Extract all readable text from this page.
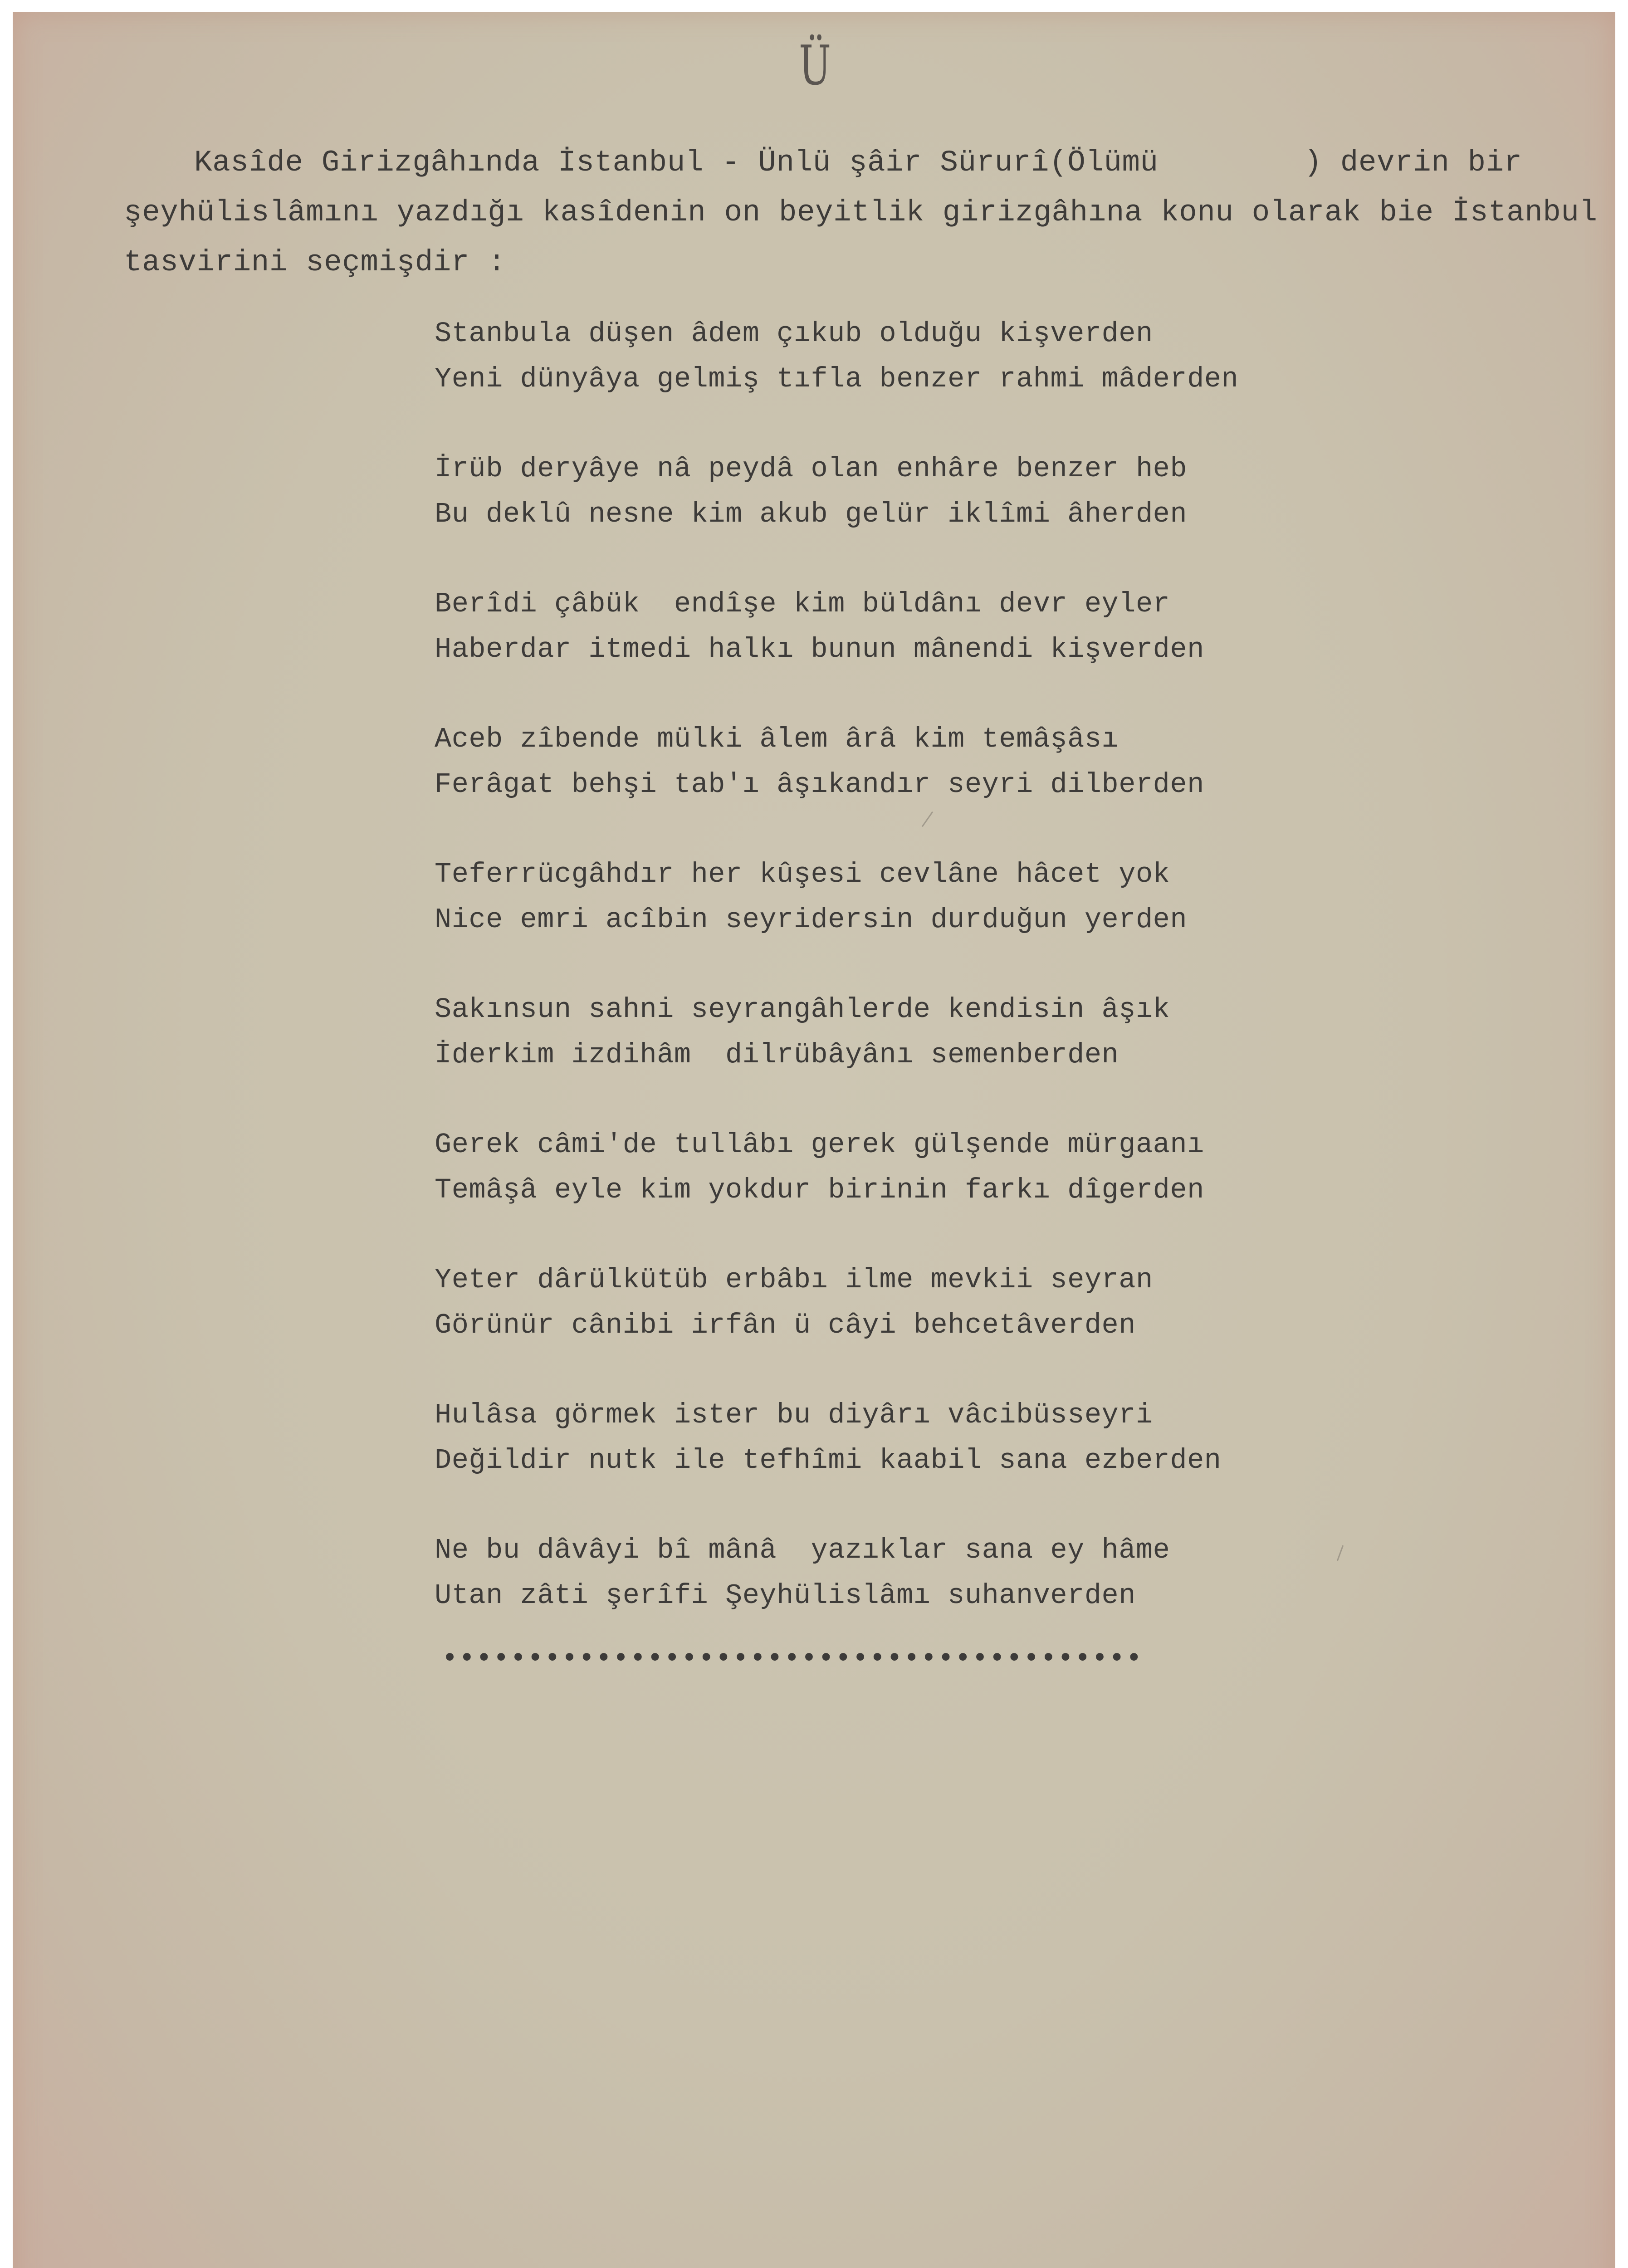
Ü
Kasîde Girizgâhında İstanbul - Ünlü şâir Sürurî(Ölümü        ) devrin bir
şeyhülislâmını yazdığı kasîdenin on beyitlik girizgâhına konu olarak bie İstanbul
tasvirini seçmişdir :
Stanbula düşen âdem çıkub olduğu kişverden
Yeni dünyâya gelmiş tıfla benzer rahmi mâderden
İrüb deryâye nâ peydâ olan enhâre benzer heb
Bu deklû nesne kim akub gelür iklîmi âherden
Berîdi çâbük  endîşe kim büldânı devr eyler
Haberdar itmedi halkı bunun mânendi kişverden
Aceb zîbende mülki âlem ârâ kim temâşâsı
Ferâgat behşi tab'ı âşıkandır seyri dilberden
Teferrücgâhdır her kûşesi cevlâne hâcet yok
Nice emri acîbin seyridersin durduğun yerden
Sakınsun sahni seyrangâhlerde kendisin âşık
İderkim izdihâm  dilrübâyânı semenberden
Gerek câmi'de tullâbı gerek gülşende mürgaanı
Temâşâ eyle kim yokdur birinin farkı dîgerden
Yeter dârülkütüb erbâbı ilme mevkii seyran
Görünür cânibi irfân ü câyi behcetâverden
Hulâsa görmek ister bu diyârı vâcibüsseyri
Değildir nutk ile tefhîmi kaabil sana ezberden
Ne bu dâvâyi bî mânâ  yazıklar sana ey hâme
Utan zâti şerîfi Şeyhülislâmı suhanverden
•••••••••••••••••••••••••••••••••••••••••
